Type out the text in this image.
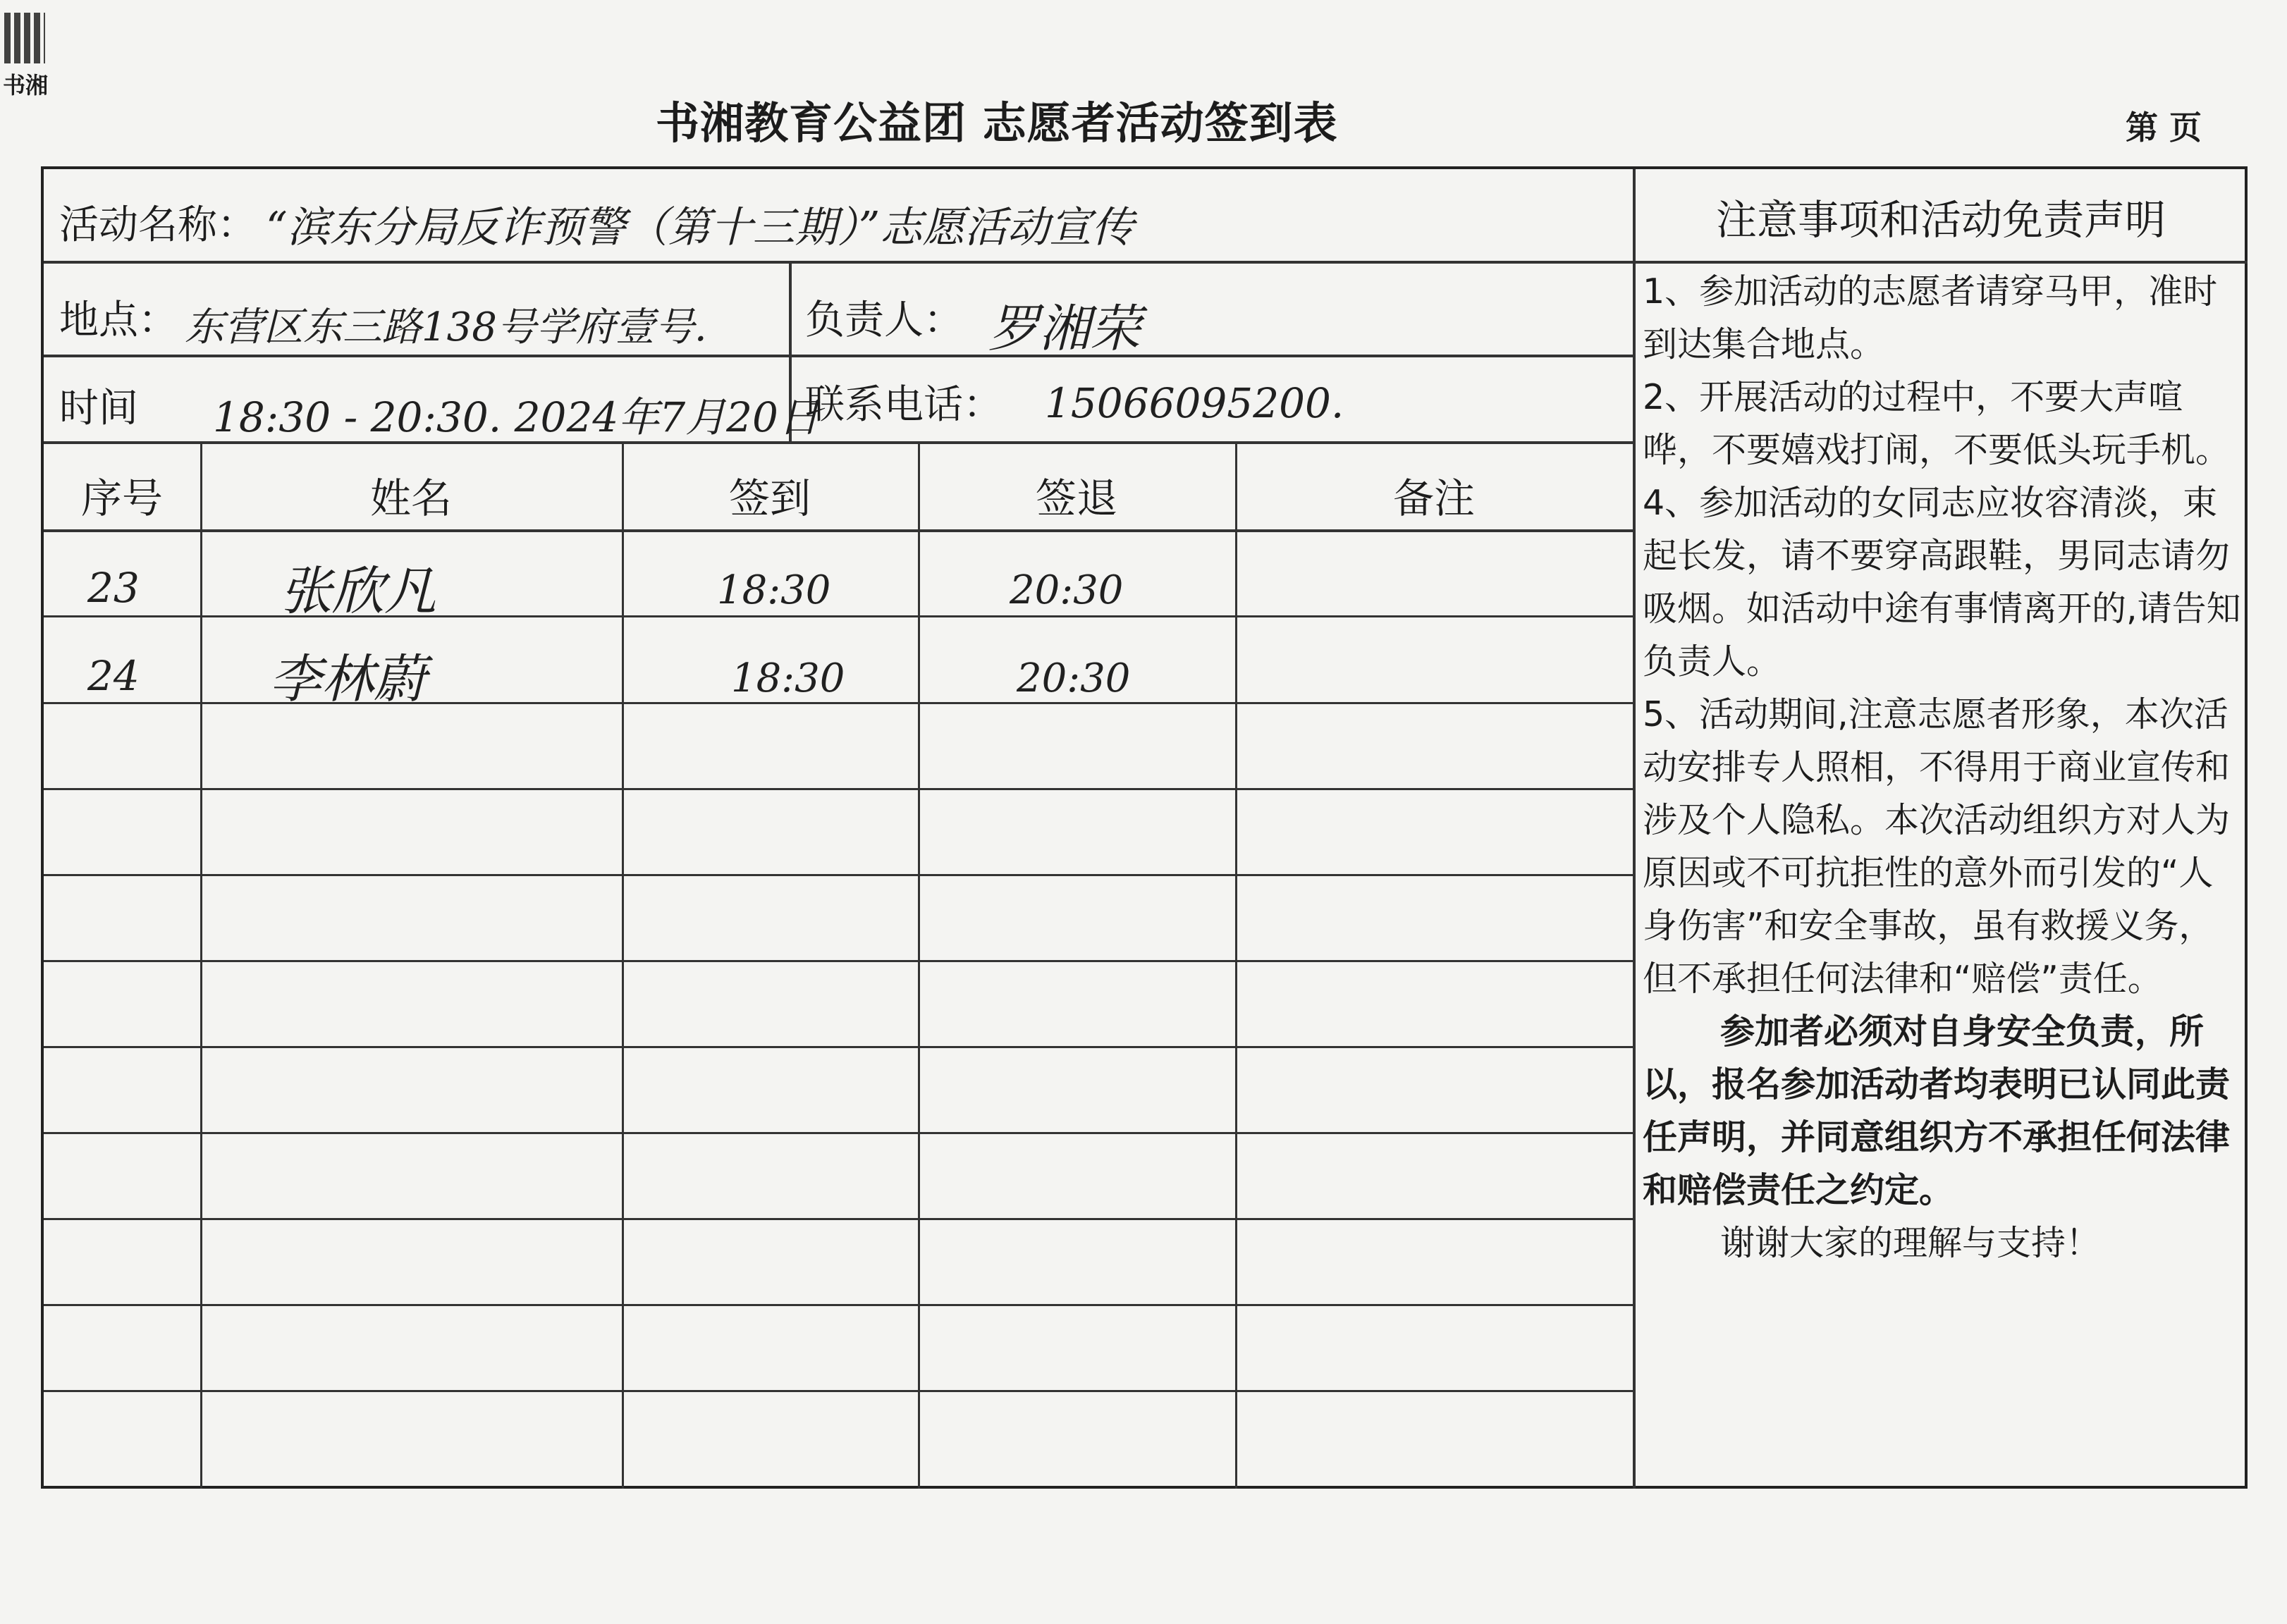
书湘
书湘教育公益团 志愿者活动签到表	第 页
活动名称： “滨东分局反诈预警（第十三期）”志愿活动宣传
地点： 东营区东三路138号学府壹号. 负责人： 罗湘荣
时间 18:30 - 20:30. 2024年7月20日
联系电话： 15066095200.
序号	姓名	签到	签退	备注
23	张欣凡	18:30	20:30
24 李林蔚	18:30	20:30
注意事项和活动免责声明

1、参加活动的志愿者请穿马甲，准时到达集合地点。

2、开展活动的过程中，不要大声喧哗，不要嬉戏打闹，不要低头玩手机。

4、参加活动的女同志应妆容清淡，束起长发，请不要穿高跟鞋，男同志请勿吸烟。如活动中途有事情离开的,请告知负责人。

5、活动期间,注意志愿者形象，本次活动安排专人照相，不得用于商业宣传和涉及个人隐私。本次活动组织方对人为原因或不可抗拒性的意外而引发的“人身伤害”和安全事故，虽有救援义务，但不承担任何法律和“赔偿”责任。

参加者必须对自身安全负责，所以，报名参加活动者均表明已认同此责任声明，并同意组织方不承担任何法律和赔偿责任之约定。

谢谢大家的理解与支持！
